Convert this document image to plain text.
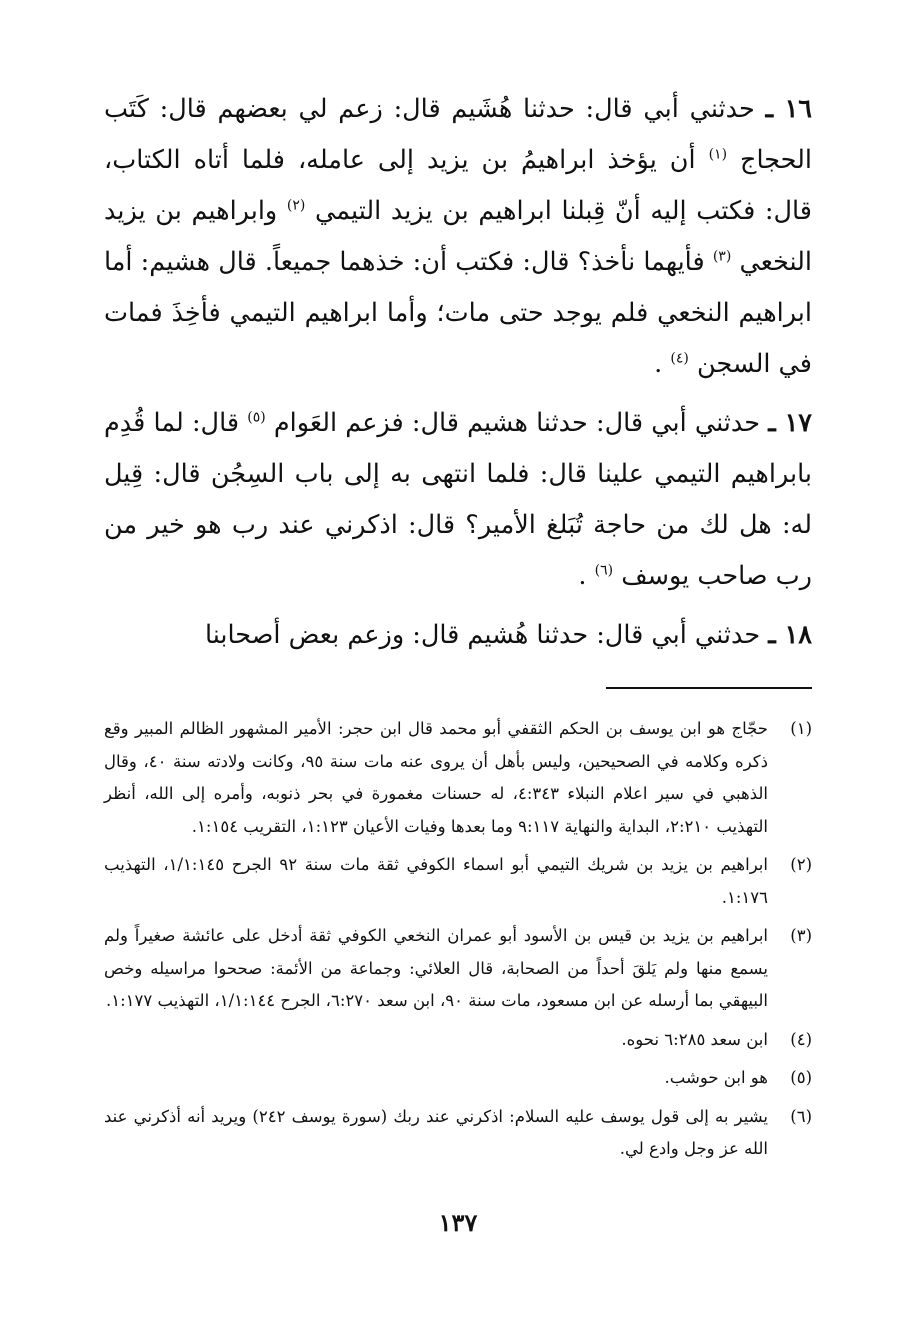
١٦ ـ حدثني أبي قال: حدثنا هُشَيم قال: زعم لي بعضهم قال: كَتَب الحجاج $^{(١)}$ أن يؤخذ ابراهيمُ بن يزيد إلى عامله، فلما أتاه الكتاب، قال: فكتب إليه أنّ قِبلنا ابراهيم بن يزيد التيمي $^{(٢)}$ وابراهيم بن يزيد النخعي $^{(٣)}$ فأيهما نأخذ؟ قال: فكتب أن: خذهما جميعاً. قال هشيم: أما ابراهيم النخعي فلم يوجد حتى مات؛ وأما ابراهيم التيمي فأخِذَ فمات في السجن $^{(٤)}$ .

١٧ ـ حدثني أبي قال: حدثنا هشيم قال: فزعم العَوام $^{(٥)}$ قال: لما قُدِم بابراهيم التيمي علينا قال: فلما انتهى به إلى باب السِجُن قال: قِيل له: هل لك من حاجة تُبَلغ الأمير؟ قال: اذكرني عند رب هو خير من رب صاحب يوسف $^{(٦)}$ .

١٨ ـ حدثني أبي قال: حدثنا هُشيم قال: وزعم بعض أصحابنا

(١)
حجّاج هو ابن يوسف بن الحكم الثقفي أبو محمد قال ابن حجر: الأمير المشهور الظالم المبير وقع ذكره وكلامه في الصحيحين، وليس بأهل أن يروى عنه مات سنة ٩٥، وكانت ولادته سنة ٤٠، وقال الذهبي في سير اعلام النبلاء ٤:٣٤٣، له حسنات مغمورة في بحر ذنوبه، وأمره إلى الله، أنظر التهذيب ٢:٢١٠، البداية والنهاية ٩:١١٧ وما بعدها وفيات الأعيان ١:١٢٣، التقريب ١:١٥٤.
(٢)
ابراهيم بن يزيد بن شريك التيمي أبو اسماء الكوفي ثقة مات سنة ٩٢ الجرح ١/١:١٤٥، التهذيب ١:١٧٦.
(٣)
ابراهيم بن يزيد بن قيس بن الأسود أبو عمران النخعي الكوفي ثقة أدخل على عائشة صغيراً ولم يسمع منها ولم يَلقَ أحداً من الصحابة، قال العلائي: وجماعة من الأئمة: صححوا مراسيله وخص البيهقي بما أرسله عن ابن مسعود، مات سنة ٩٠، ابن سعد ٦:٢٧٠، الجرح ١/١:١٤٤، التهذيب ١:١٧٧.
(٤)
ابن سعد ٦:٢٨٥ نحوه.
(٥)
هو ابن حوشب.
(٦)
يشير به إلى قول يوسف عليه السلام: اذكرني عند ربك (سورة يوسف ٢٤٢) ويريد أنه أذكرني عند الله عز وجل وادع لي.
١٣٧
